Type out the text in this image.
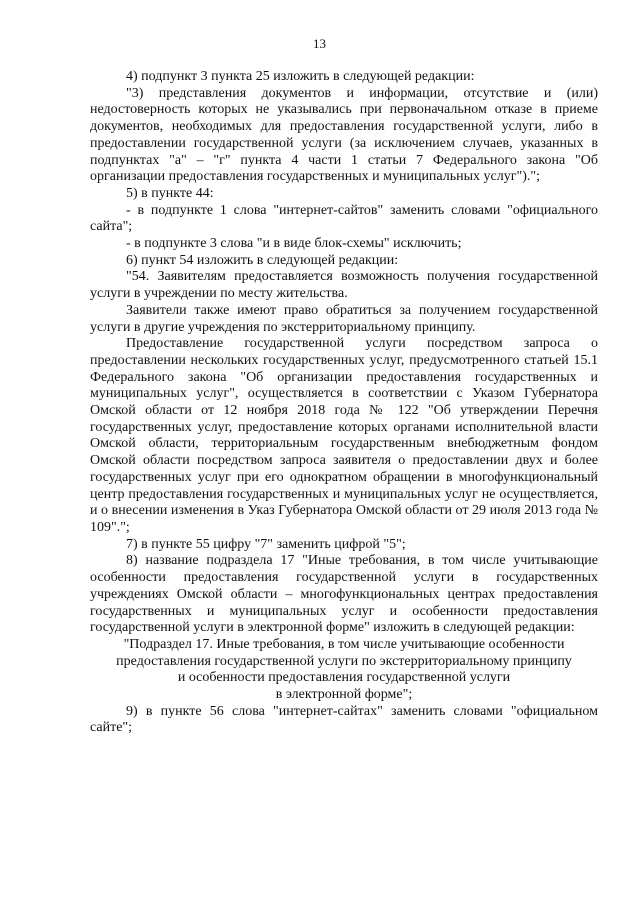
13

4) подпункт 3 пункта 25 изложить в следующей редакции:

"3) представления документов и информации, отсутствие и (или) недостоверность которых не указывались при первоначальном отказе в приеме документов, необходимых для предоставления государственной услуги, либо в предоставлении государственной услуги (за исключением случаев, указанных в подпунктах "а" – "г" пункта 4 части 1 статьи 7 Федерального закона "Об организации предоставления государственных и муниципальных услуг").";

5) в пункте 44:

- в подпункте 1 слова "интернет-сайтов" заменить словами "официального сайта";

- в подпункте 3 слова "и в виде блок-схемы" исключить;

6) пункт 54 изложить в следующей редакции:

"54. Заявителям предоставляется возможность получения государственной услуги в учреждении по месту жительства.

Заявители также имеют право обратиться за получением государственной услуги в другие учреждения по экстерриториальному принципу.

Предоставление государственной услуги посредством запроса о предоставлении нескольких государственных услуг, предусмотренного статьей 15.1 Федерального закона "Об организации предоставления государственных и муниципальных услуг", осуществляется в соответствии с Указом Губернатора Омской области от 12 ноября 2018 года № 122 "Об утверждении Перечня государственных услуг, предоставление которых органами исполнительной власти Омской области, территориальным государственным внебюджетным фондом Омской области посредством запроса заявителя о предоставлении двух и более государственных услуг при его однократном обращении в многофункциональный центр предоставления государственных и муниципальных услуг не осуществляется, и о внесении изменения в Указ Губернатора Омской области от 29 июля 2013 года № 109".";

7) в пункте 55 цифру "7" заменить цифрой "5";

8) название подраздела 17 "Иные требования, в том числе учитывающие особенности предоставления государственной услуги в государственных учреждениях Омской области – многофункциональных центрах предоставления государственных и муниципальных услуг и особенности предоставления государственной услуги в электронной форме" изложить в следующей редакции:

"Подраздел 17. Иные требования, в том числе учитывающие особенности

предоставления государственной услуги по экстерриториальному принципу

и особенности предоставления государственной услуги

в электронной форме";

9) в пункте 56 слова "интернет-сайтах" заменить словами "официальном сайте";
